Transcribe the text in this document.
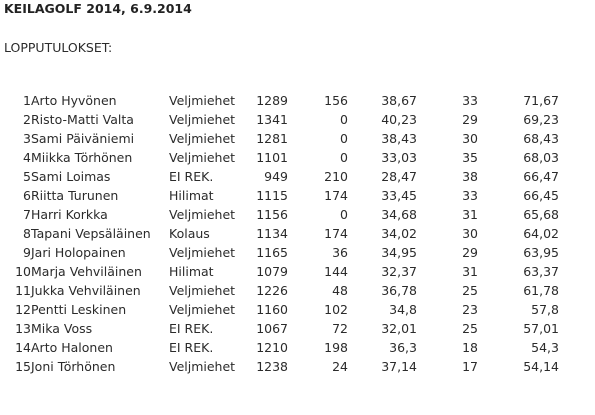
KEILAGOLF 2014, 6.9.2014
LOPPUTULOKSET:
1 Arto Hyvönen	Veljmiehet	1289	156	38,67	33	71,67
2 Risto-Matti Valta	Veljmiehet	1341	0	40,23	29	69,23
3 Sami Päiväniemi	Veljmiehet	1281	0	38,43	30	68,43
4 Miikka Törhönen	Veljmiehet	1101	0	33,03	35	68,03
5 Sami Loimas	EI REK.	949	210	28,47	38	66,47
6 Riitta Turunen	Hilimat	1115	174	33,45	33	66,45
7 Harri Korkka	Veljmiehet	1156	0	34,68	31	65,68
8 Tapani Vepsäläinen	Kolaus	1134	174	34,02	30	64,02
9 Jari Holopainen	Veljmiehet	1165	36	34,95	29	63,95
10 Marja Vehviläinen	Hilimat	1079	144	32,37	31	63,37
11 Jukka Vehviläinen	Veljmiehet	1226	48	36,78	25	61,78
12 Pentti Leskinen	Veljmiehet	1160	102	34,8	23	57,8
13 Mika Voss	EI REK.	1067	72	32,01	25	57,01
14 Arto Halonen	EI REK.	1210	198	36,3	18	54,3
15 Joni Törhönen	Veljmiehet	1238	24	37,14	17	54,14
